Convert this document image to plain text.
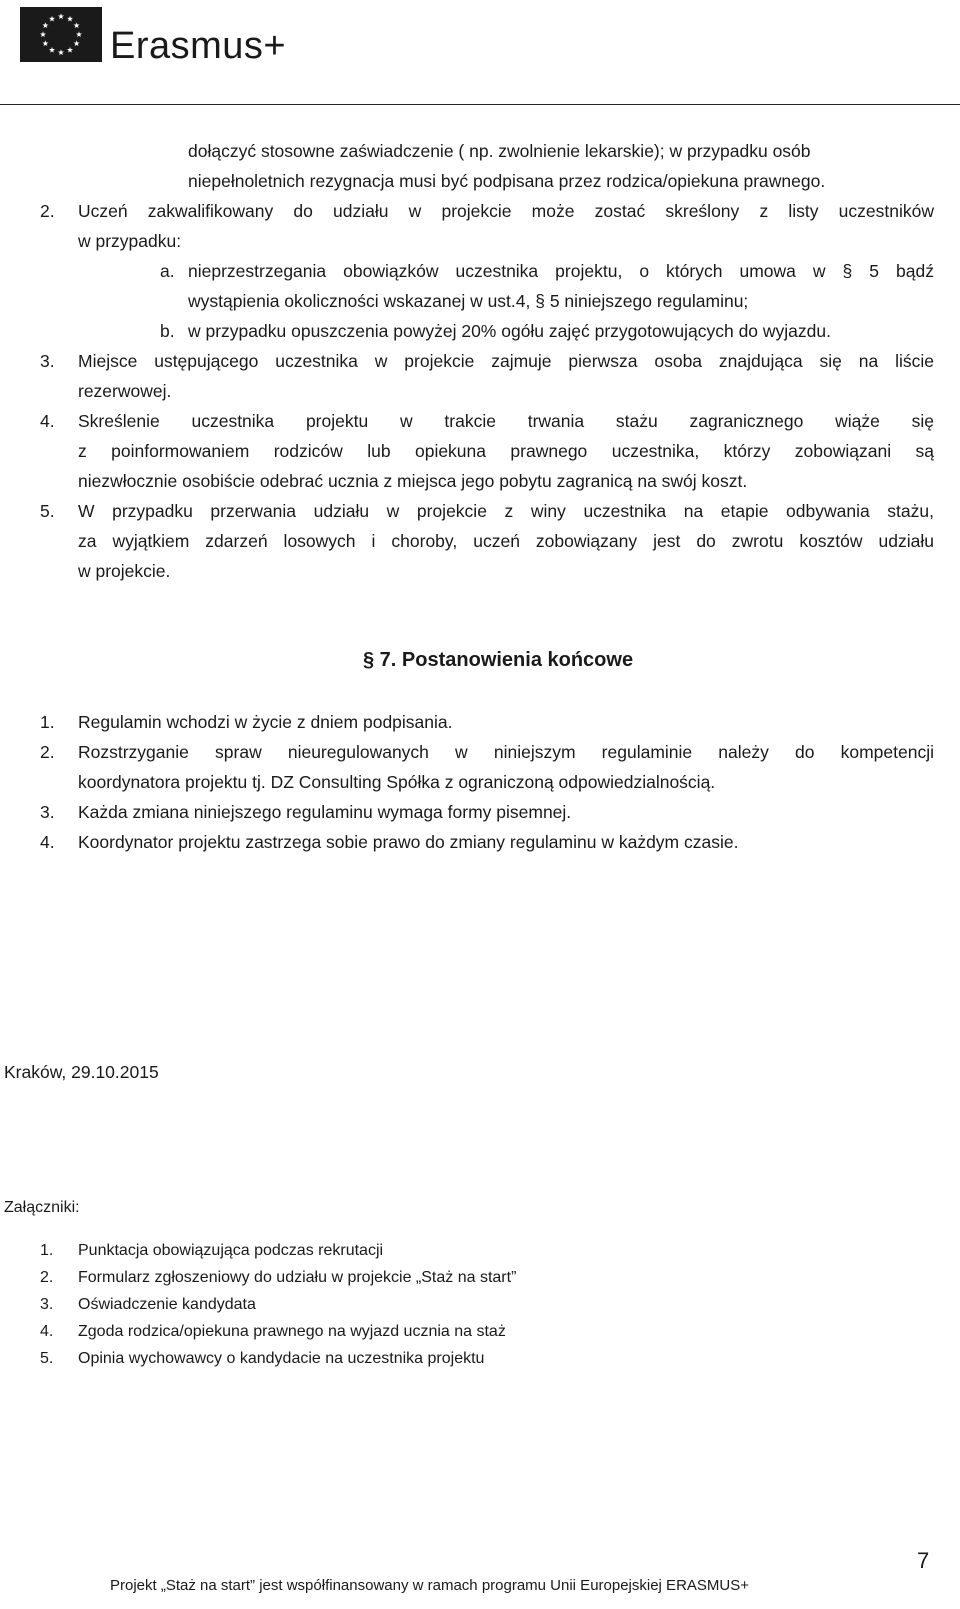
Erasmus+
dołączyć stosowne zaświadczenie ( np. zwolnienie lekarskie); w przypadku osób
niepełnoletnich rezygnacja musi być podpisana przez rodzica/opiekuna prawnego.
2. Uczeń zakwalifikowany do udziału w projekcie może zostać skreślony z listy uczestników
w przypadku:
a. nieprzestrzegania obowiązków uczestnika projektu, o których umowa w § 5 bądź
wystąpienia okoliczności wskazanej w ust.4, § 5 niniejszego regulaminu;
b. w przypadku opuszczenia powyżej 20% ogółu zajęć przygotowujących do wyjazdu.
3. Miejsce ustępującego uczestnika w projekcie zajmuje pierwsza osoba znajdująca się na liście
rezerwowej.
4. Skreślenie uczestnika projektu w trakcie trwania stażu zagranicznego wiąże się
z poinformowaniem rodziców lub opiekuna prawnego uczestnika, którzy zobowiązani są
niezwłocznie osobiście odebrać ucznia z miejsca jego pobytu zagranicą na swój koszt.
5. W przypadku przerwania udziału w projekcie z winy uczestnika na etapie odbywania stażu,
za wyjątkiem zdarzeń losowych i choroby, uczeń zobowiązany jest do zwrotu kosztów udziału
w projekcie.
§ 7. Postanowienia końcowe
1. Regulamin wchodzi w życie z dniem podpisania.
2. Rozstrzyganie spraw nieuregulowanych w niniejszym regulaminie należy do kompetencji
koordynatora projektu tj. DZ Consulting Spółka z ograniczoną odpowiedzialnością.
3. Każda zmiana niniejszego regulaminu wymaga formy pisemnej.
4. Koordynator projektu zastrzega sobie prawo do zmiany regulaminu w każdym czasie.
Kraków, 29.10.2015
Załączniki:
1. Punktacja obowiązująca podczas rekrutacji
2. Formularz zgłoszeniowy do udziału w projekcie „Staż na start”
3. Oświadczenie kandydata
4. Zgoda rodzica/opiekuna prawnego na wyjazd ucznia na staż
5. Opinia wychowawcy o kandydacie na uczestnika projektu
7
Projekt „Staż na start” jest współfinansowany w ramach programu Unii Europejskiej ERASMUS+
